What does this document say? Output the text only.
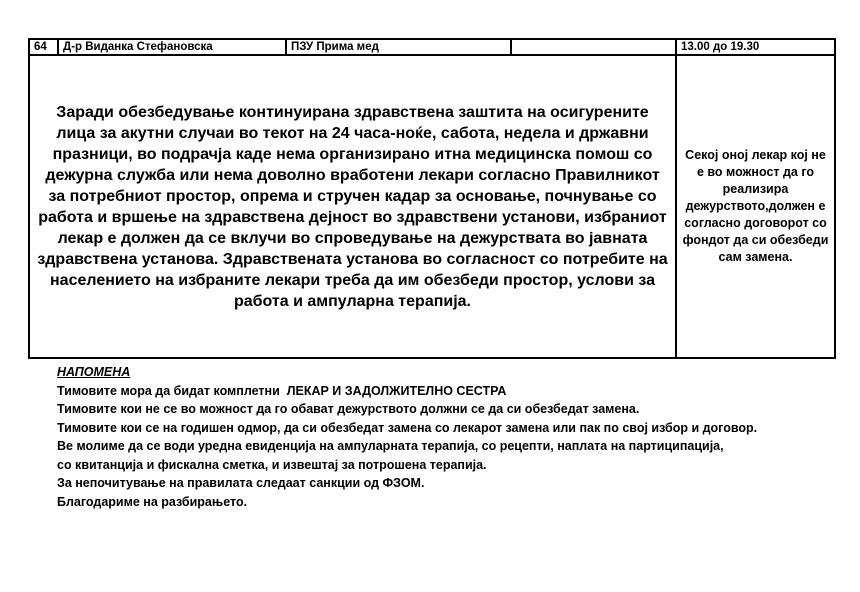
64	Д-р Виданка Стефановска	ПЗУ Прима мед		13.00 до 19.30
Заради обезбедување континуирана здравствена заштита на осигурените лица за акутни случаи во текот на 24 часа-ноќе, сабота, недела и државни празници, во подрачја каде нема организирано итна медицинска помош со дежурна служба или нема доволно вработени лекари согласно Правилникот за потребниот простор, опрема и стручен кадар за основање, почнување со работа и вршење на здравствена дејност во здравствени установи, избраниот лекар е должен да се вклучи во спроведување на дежурствата во јавната здравствена установа. Здравствената установа во согласност со потребите на населението на избраните лекари треба да им обезбеди простор, услови за работа и ампуларна терапија.				Секој оној лекар кој не е во можност да го реализира дежурството,должен е согласно договорот со фондот да си обезбеди сам замена.
НАПОМЕНА
Тимовите мора да бидат комплетни  ЛЕКАР И ЗАДОЛЖИТЕЛНО СЕСТРА
Тимовите кои не се во можност да го обават дежурството должни се да си обезбедат замена.
Тимовите кои се на годишен одмор, да си обезбедат замена со лекарот замена или пак по свој избор и договор.
Ве молиме да се води уредна евиденција на ампуларната терапија, со рецепти, наплата на партиципација,
со квитанција и фискална сметка, и извештај за потрошена терапија.
За непочитување на правилата следаат санкции од ФЗОМ.
Благодариме на разбирањето.
